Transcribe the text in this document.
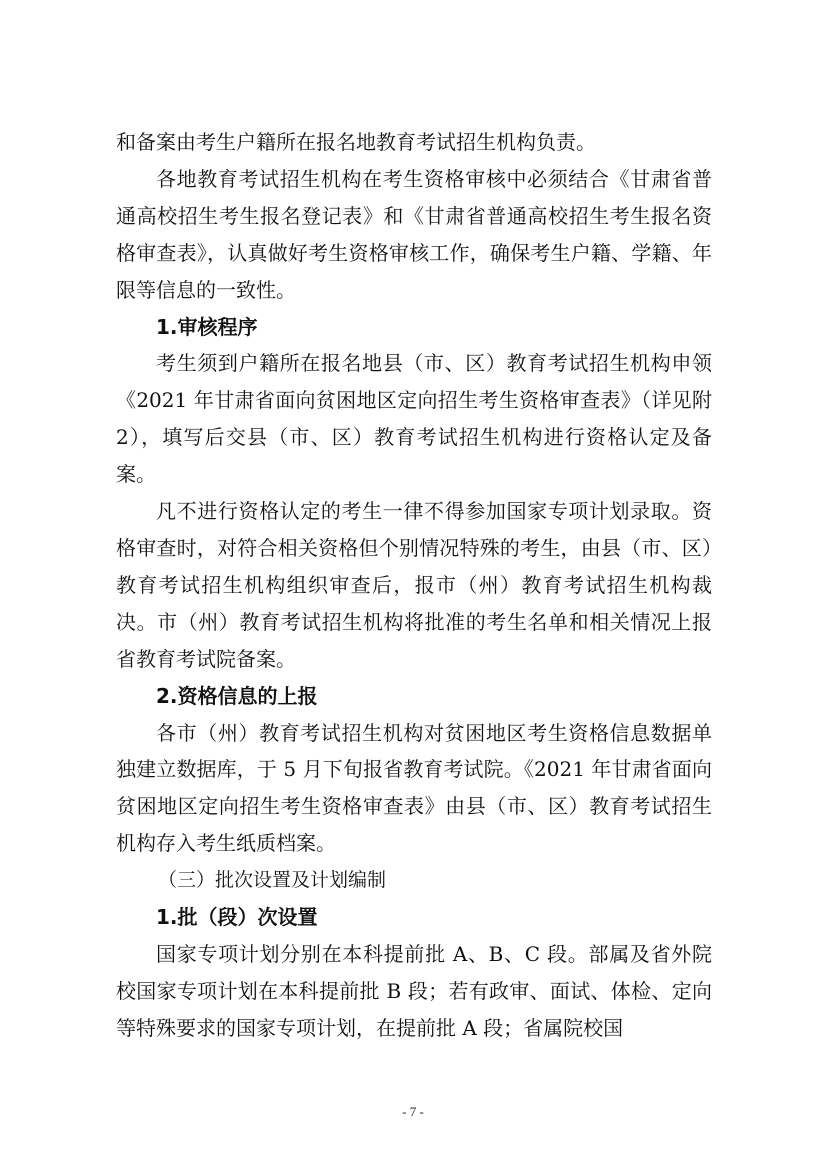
和备案由考生户籍所在报名地教育考试招生机构负责。

各地教育考试招生机构在考生资格审核中必须结合《甘肃省普通高校招生考生报名登记表》和《甘肃省普通高校招生考生报名资格审查表》，认真做好考生资格审核工作，确保考生户籍、学籍、年限等信息的一致性。

1.审核程序

考生须到户籍所在报名地县（市、区）教育考试招生机构申领《2021 年甘肃省面向贫困地区定向招生考生资格审查表》（详见附 2），填写后交县（市、区）教育考试招生机构进行资格认定及备案。

凡不进行资格认定的考生一律不得参加国家专项计划录取。资格审查时，对符合相关资格但个别情况特殊的考生，由县（市、区）教育考试招生机构组织审查后，报市（州）教育考试招生机构裁决。市（州）教育考试招生机构将批准的考生名单和相关情况上报省教育考试院备案。

2.资格信息的上报

各市（州）教育考试招生机构对贫困地区考生资格信息数据单独建立数据库，于 5 月下旬报省教育考试院。《2021 年甘肃省面向贫困地区定向招生考生资格审查表》由县（市、区）教育考试招生机构存入考生纸质档案。

（三）批次设置及计划编制

1.批（段）次设置

国家专项计划分别在本科提前批 A、B、C 段。部属及省外院校国家专项计划在本科提前批 B 段；若有政审、面试、体检、定向等特殊要求的国家专项计划，在提前批 A 段；省属院校国

- 7 -
